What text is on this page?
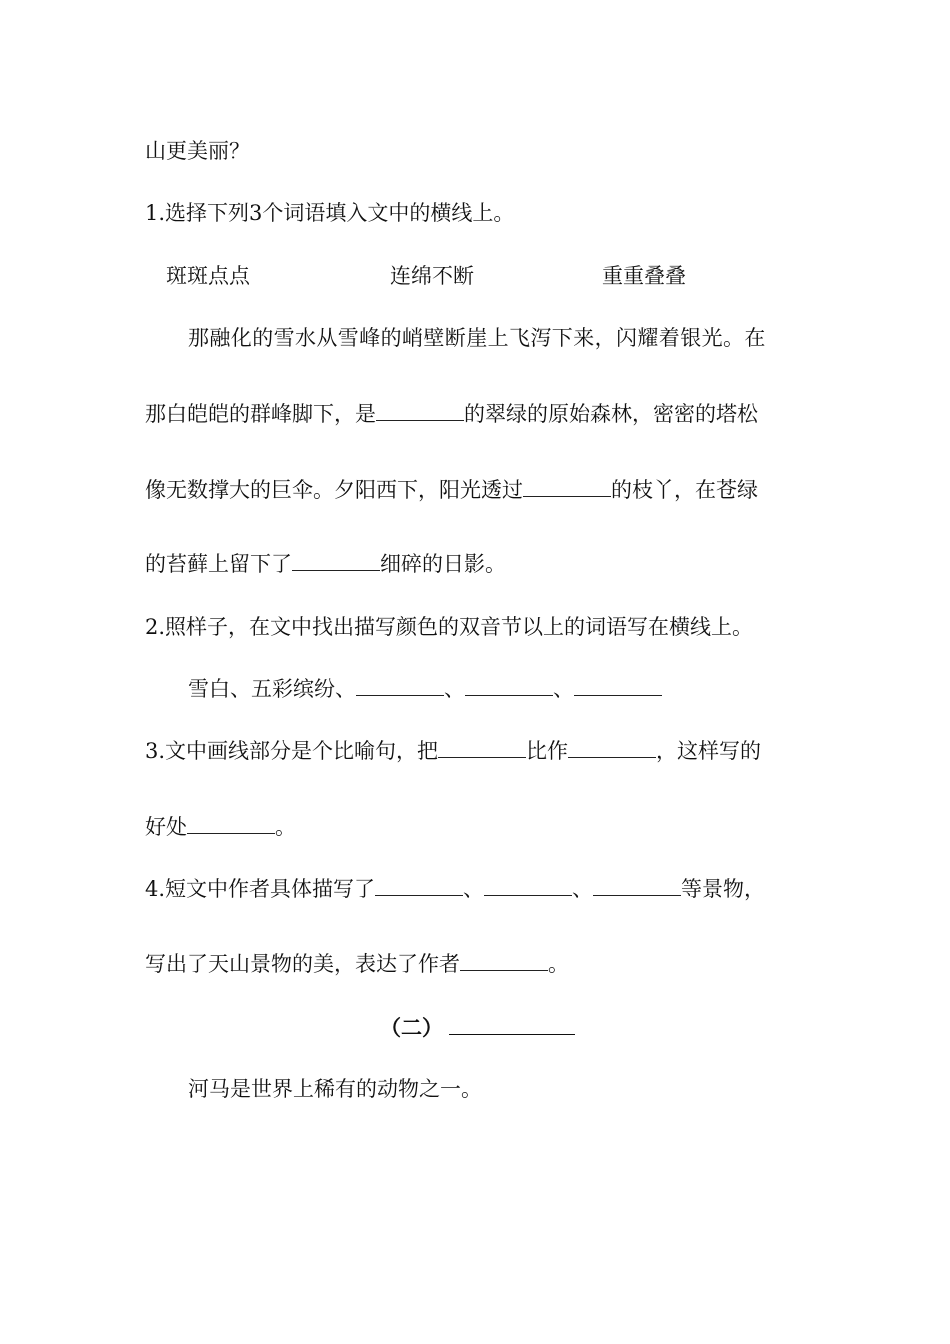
山更美丽？
1.选择下列3个词语填入文中的横线上。
斑斑点点	连绵不断	重重叠叠
那融化的雪水从雪峰的峭壁断崖上飞泻下来，闪耀着银光。在
那白皑皑的群峰脚下，是	的翠绿的原始森林，密密的塔松
像无数撑大的巨伞。夕阳西下，阳光透过	的枝丫，在苍绿
的苔藓上留下了	细碎的日影。
2.照样子，在文中找出描写颜色的双音节以上的词语写在横线上。
雪白、五彩缤纷、	、	、
3.文中画线部分是个比喻句，把	比作	，这样写的
好处	。
4.短文中作者具体描写了	、	、	等景物，
写出了天山景物的美，表达了作者	。
（二）
河马是世界上稀有的动物之一。
